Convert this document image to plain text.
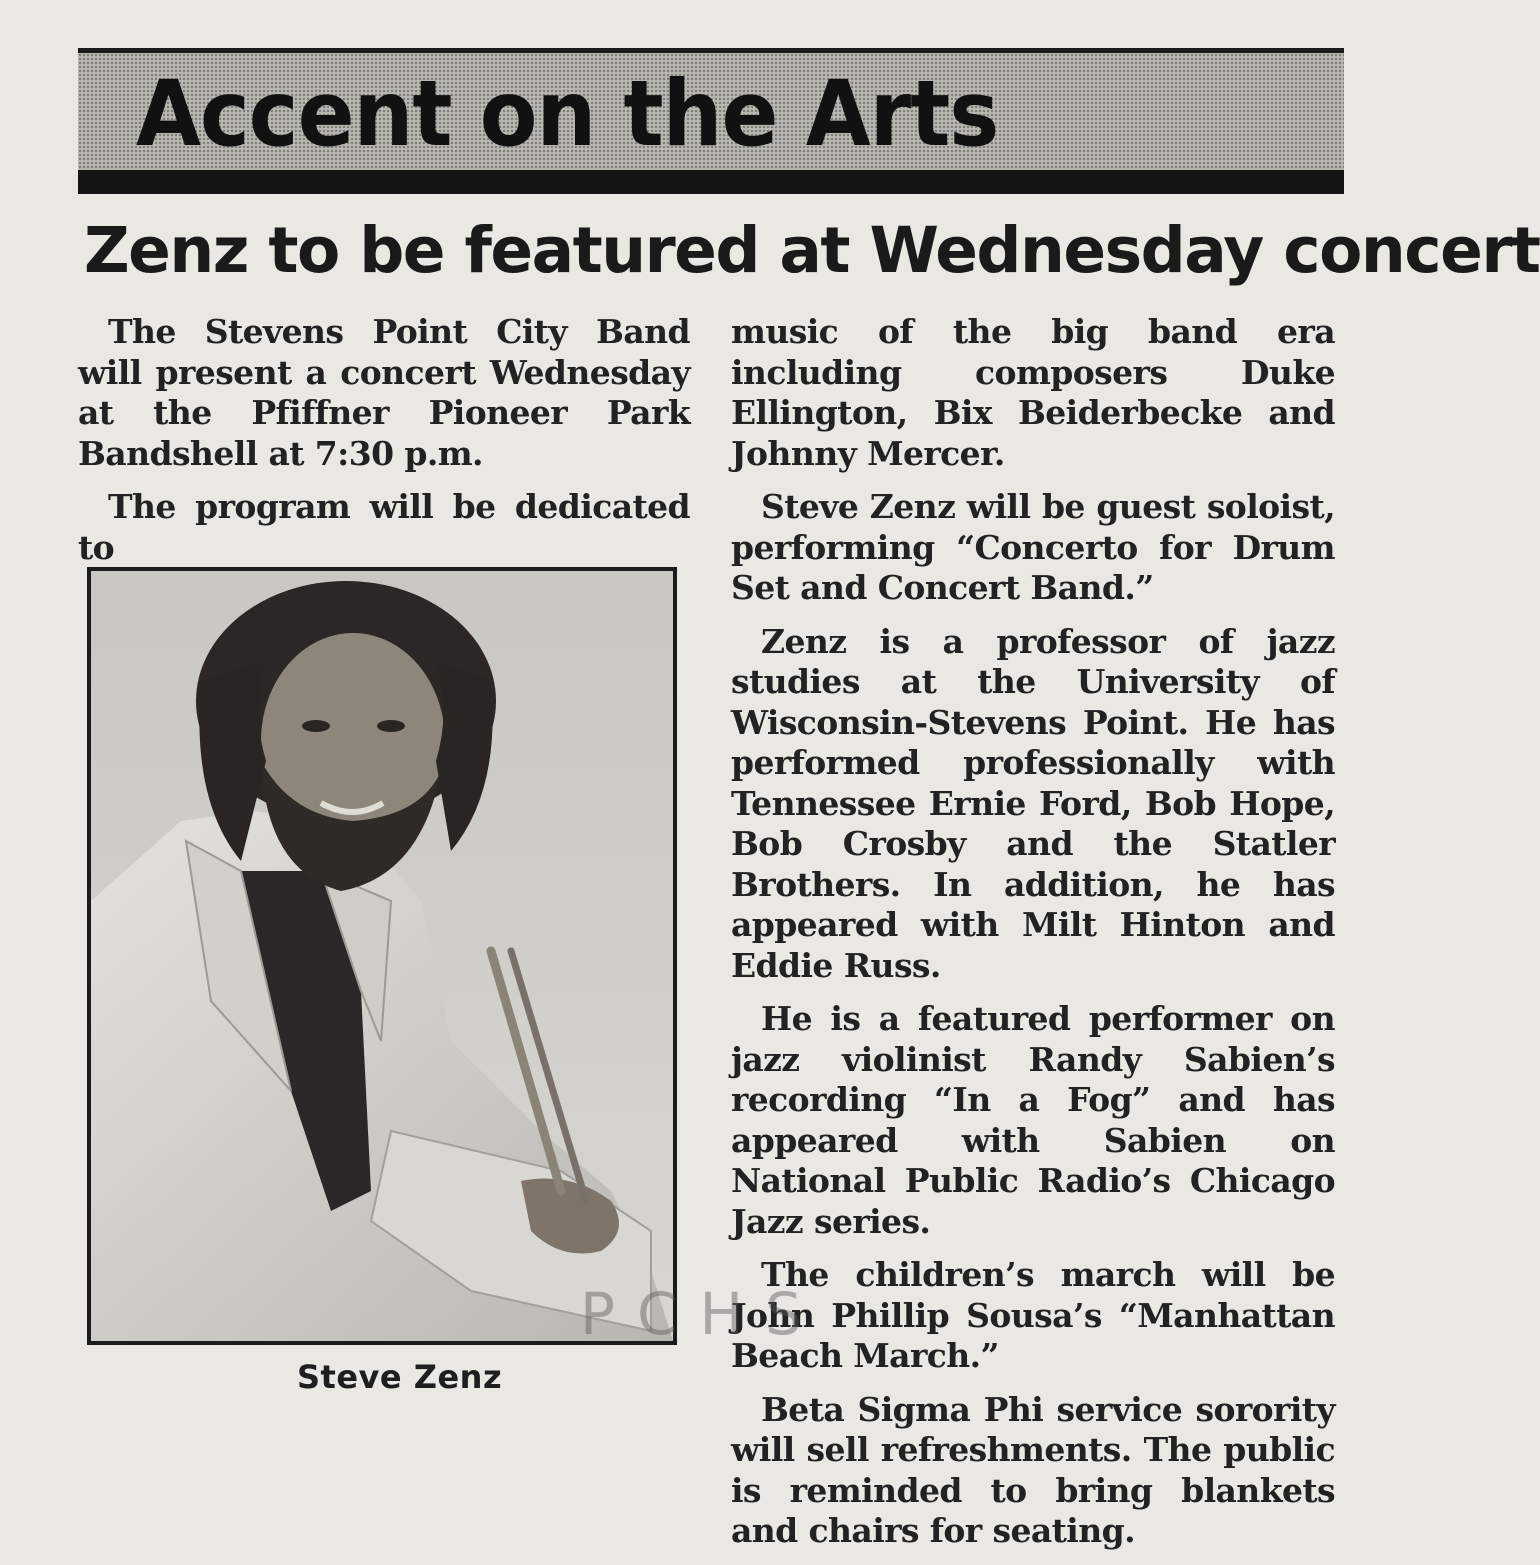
Accent on the Arts
Zenz to be featured at Wednesday concert

The Stevens Point City Band will present a concert Wednesday at the Pfiffner Pioneer Park Bandshell at 7:30 p.m.

The program will be dedicated to

Steve Zenz

music of the big band era including composers Duke Ellington, Bix Beiderbecke and Johnny Mercer.

Steve Zenz will be guest soloist, performing “Concerto for Drum Set and Concert Band.”

Zenz is a professor of jazz studies at the University of Wisconsin-Stevens Point. He has performed professionally with Tennessee Ernie Ford, Bob Hope, Bob Crosby and the Statler Brothers. In addition, he has appeared with Milt Hinton and Eddie Russ.

He is a featured performer on jazz violinist Randy Sabien’s recording “In a Fog” and has appeared with Sabien on National Public Radio’s Chicago Jazz series.

The children’s march will be John Phillip Sousa’s “Manhattan Beach March.”

Beta Sigma Phi service sorority will sell refreshments. The public is reminded to bring blankets and chairs for seating.

PCHS
